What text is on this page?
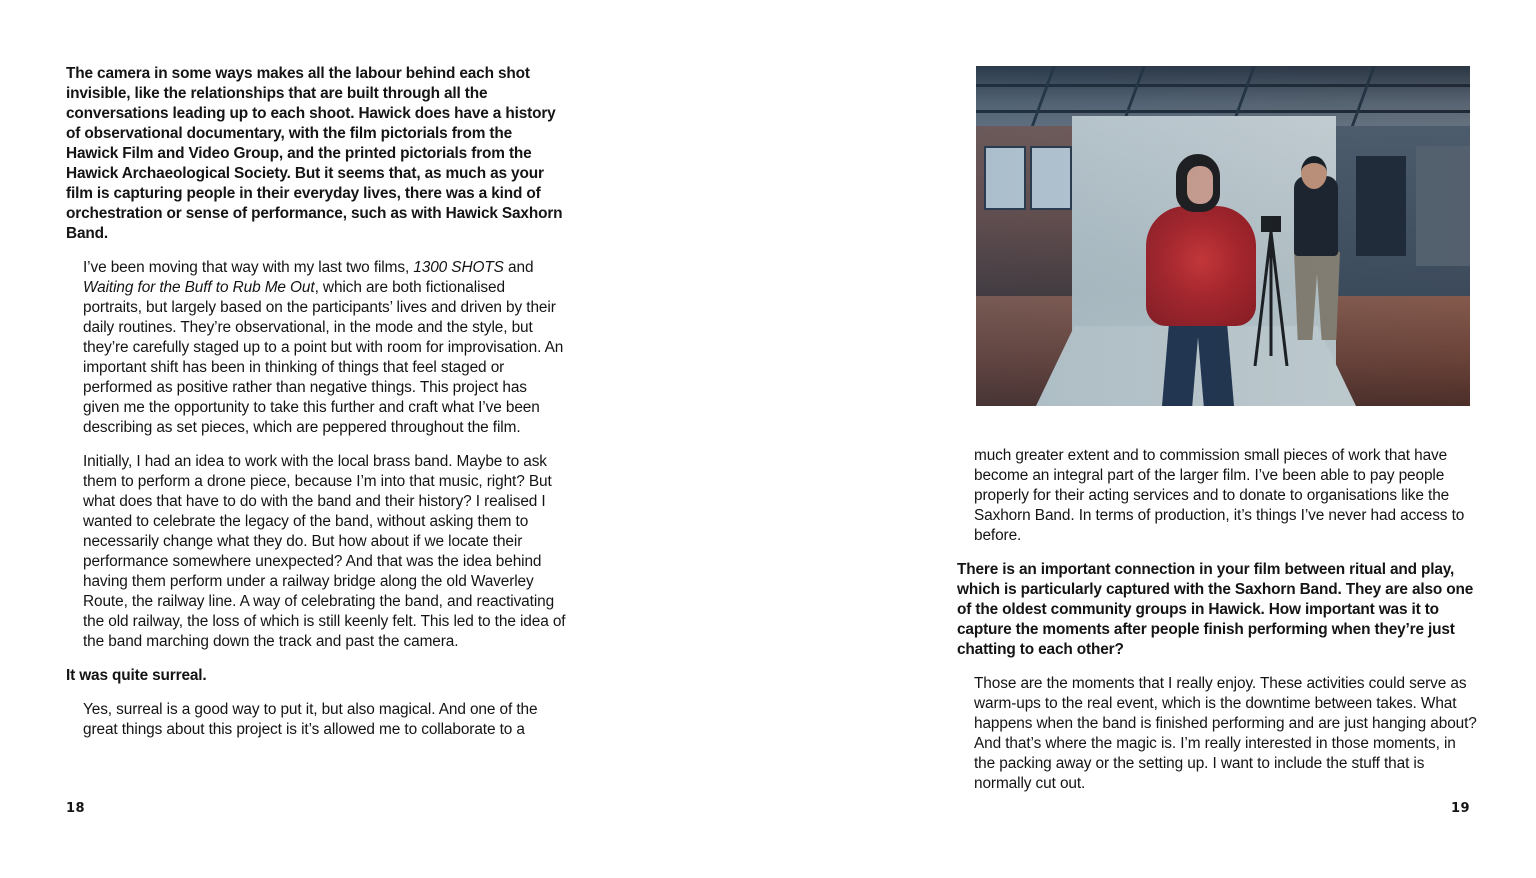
The camera in some ways makes all the labour behind each shot invisible, like the relationships that are built through all the conversations leading up to each shoot. Hawick does have a history of observational documentary, with the film pictorials from the Hawick Film and Video Group, and the printed pictorials from the Hawick Archaeological Society. But it seems that, as much as your film is capturing people in their everyday lives, there was a kind of orchestration or sense of performance, such as with Hawick Saxhorn Band.

I’ve been moving that way with my last two films, 1300 SHOTS and Waiting for the Buff to Rub Me Out, which are both fictionalised portraits, but largely based on the participants’ lives and driven by their daily routines. They’re observational, in the mode and the style, but they’re carefully staged up to a point but with room for improvisation. An important shift has been in thinking of things that feel staged or performed as positive rather than negative things. This project has given me the opportunity to take this further and craft what I’ve been describing as set pieces, which are peppered throughout the film.

Initially, I had an idea to work with the local brass band. Maybe to ask them to perform a drone piece, because I’m into that music, right? But what does that have to do with the band and their history? I realised I wanted to celebrate the legacy of the band, without asking them to necessarily change what they do. But how about if we locate their performance somewhere unexpected? And that was the idea behind having them perform under a railway bridge along the old Waverley Route, the railway line. A way of celebrating the band, and reactivating the old railway, the loss of which is still keenly felt. This led to the idea of the band marching down the track and past the camera.

It was quite surreal.

Yes, surreal is a good way to put it, but also magical. And one of the great things about this project is it’s allowed me to collaborate to a

18

much greater extent and to commission small pieces of work that have become an integral part of the larger film. I’ve been able to pay people properly for their acting services and to donate to organisations like the Saxhorn Band. In terms of production, it’s things I’ve never had access to before.

There is an important connection in your film between ritual and play, which is particularly captured with the Saxhorn Band. They are also one of the oldest community groups in Hawick. How important was it to capture the moments after people finish performing when they’re just chatting to each other?

Those are the moments that I really enjoy. These activities could serve as warm-ups to the real event, which is the downtime between takes. What happens when the band is finished performing and are just hanging about? And that’s where the magic is. I’m really interested in those moments, in the packing away or the setting up. I want to include the stuff that is normally cut out.

19
